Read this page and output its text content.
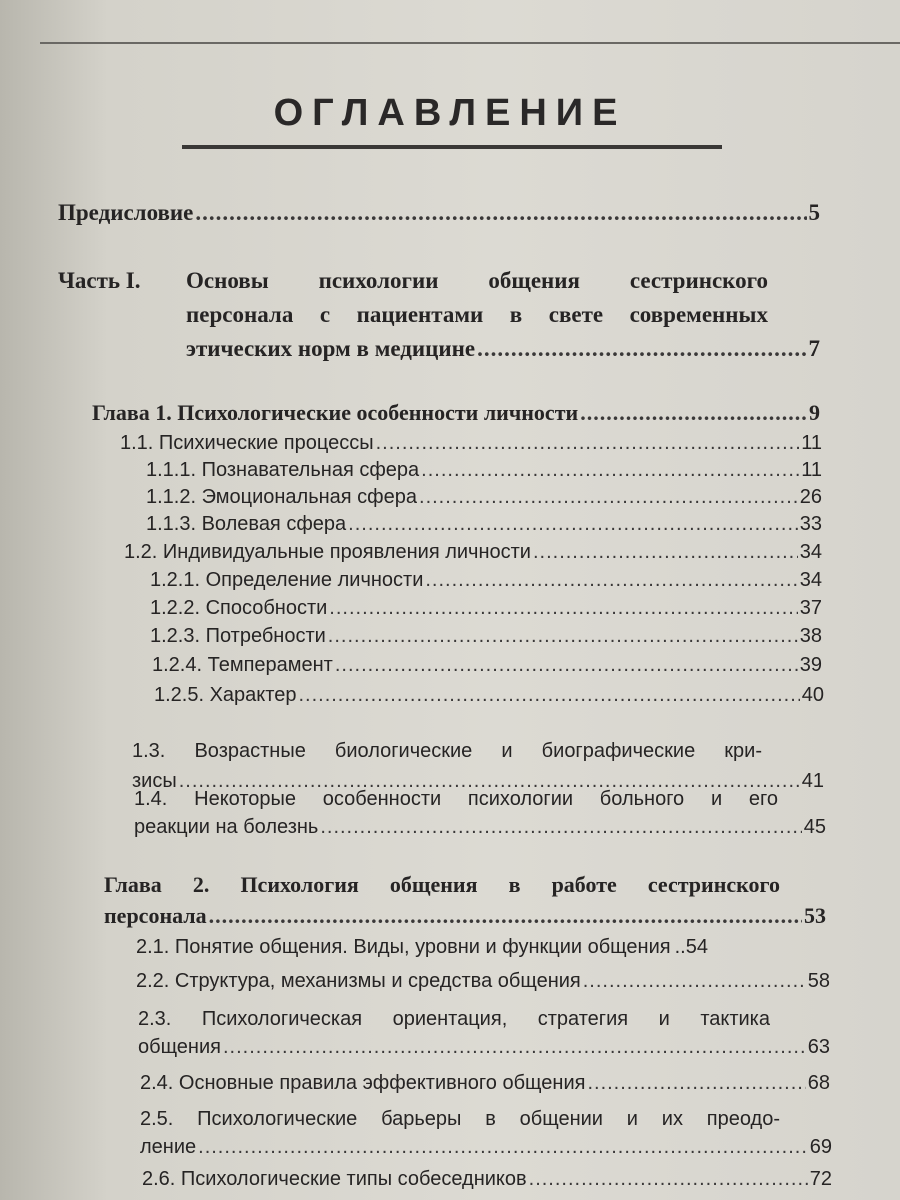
ОГЛАВЛЕНИЕ
Предисловие .....	5
Часть I. Основы психологии общения сестринского
персонала с пациентами в свете современных
этических норм в медицине .....	7
Глава 1. Психологические особенности личности .....	9
1.1. Психические процессы .....	11
1.1.1. Познавательная сфера .....	11
1.1.2. Эмоциональная сфера .....	26
1.1.3. Волевая сфера .....	33
1.2. Индивидуальные проявления личности .....	34
1.2.1. Определение личности .....	34
1.2.2. Способности .....	37
1.2.3. Потребности .....	38
1.2.4. Темперамент .....	39
1.2.5. Характер .....	40
1.3. Возрастные биологические и биографические кри-
зисы .....	41
1.4. Некоторые особенности психологии больного и его
реакции на болезнь .....	45
Глава 2. Психология общения в работе сестринского
персонала .....	53
2.1. Понятие общения. Виды, уровни и функции общения ..54
2.2. Структура, механизмы и средства общения .....	58
2.3. Психологическая ориентация, стратегия и тактика
общения .....	63
2.4. Основные правила эффективного общения .....	68
2.5. Психологические барьеры в общении и их преодо-
ление .....	69
2.6. Психологические типы собеседников .....	72
